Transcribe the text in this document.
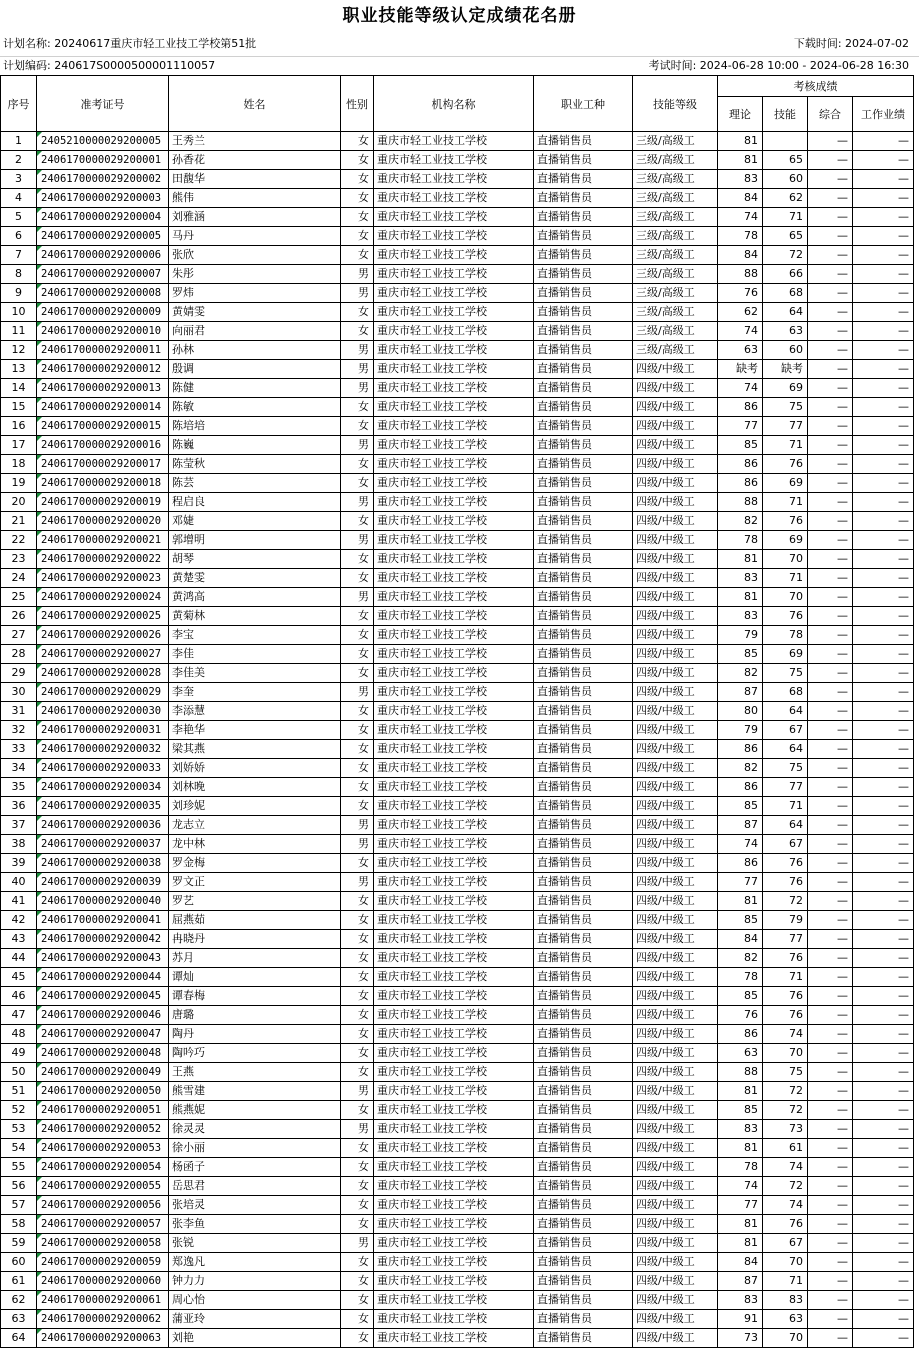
职业技能等级认定成绩花名册
计划名称: 20240617重庆市轻工业技工学校第51批	下载时间: 2024-07-02
计划编码: 240617S0000500001110057	考试时间: 2024-06-28 10:00 - 2024-06-28 16:30
序号	准考证号	姓名	性别	机构名称	职业工种	技能等级	考核成绩			
							理论	技能	综合	工作业绩
1	2405210000029200005	王秀兰	女	重庆市轻工业技工学校	直播销售员	三级/高级工	81		—	—
2	2406170000029200001	孙香花	女	重庆市轻工业技工学校	直播销售员	三级/高级工	81	65	—	—
3	2406170000029200002	田馥华	女	重庆市轻工业技工学校	直播销售员	三级/高级工	83	60	—	—
4	2406170000029200003	熊伟	女	重庆市轻工业技工学校	直播销售员	三级/高级工	84	62	—	—
5	2406170000029200004	刘雅涵	女	重庆市轻工业技工学校	直播销售员	三级/高级工	74	71	—	—
6	2406170000029200005	马丹	女	重庆市轻工业技工学校	直播销售员	三级/高级工	78	65	—	—
7	2406170000029200006	张欣	女	重庆市轻工业技工学校	直播销售员	三级/高级工	84	72	—	—
8	2406170000029200007	朱彤	男	重庆市轻工业技工学校	直播销售员	三级/高级工	88	66	—	—
9	2406170000029200008	罗炜	男	重庆市轻工业技工学校	直播销售员	三级/高级工	76	68	—	—
10	2406170000029200009	黄婧雯	女	重庆市轻工业技工学校	直播销售员	三级/高级工	62	64	—	—
11	2406170000029200010	向丽君	女	重庆市轻工业技工学校	直播销售员	三级/高级工	74	63	—	—
12	2406170000029200011	孙林	男	重庆市轻工业技工学校	直播销售员	三级/高级工	63	60	—	—
13	2406170000029200012	殷调	男	重庆市轻工业技工学校	直播销售员	四级/中级工	缺考	缺考	—	—
14	2406170000029200013	陈健	男	重庆市轻工业技工学校	直播销售员	四级/中级工	74	69	—	—
15	2406170000029200014	陈敏	女	重庆市轻工业技工学校	直播销售员	四级/中级工	86	75	—	—
16	2406170000029200015	陈培培	女	重庆市轻工业技工学校	直播销售员	四级/中级工	77	77	—	—
17	2406170000029200016	陈巍	男	重庆市轻工业技工学校	直播销售员	四级/中级工	85	71	—	—
18	2406170000029200017	陈莹秋	女	重庆市轻工业技工学校	直播销售员	四级/中级工	86	76	—	—
19	2406170000029200018	陈芸	女	重庆市轻工业技工学校	直播销售员	四级/中级工	86	69	—	—
20	2406170000029200019	程启良	男	重庆市轻工业技工学校	直播销售员	四级/中级工	88	71	—	—
21	2406170000029200020	邓婕	女	重庆市轻工业技工学校	直播销售员	四级/中级工	82	76	—	—
22	2406170000029200021	郭增明	男	重庆市轻工业技工学校	直播销售员	四级/中级工	78	69	—	—
23	2406170000029200022	胡琴	女	重庆市轻工业技工学校	直播销售员	四级/中级工	81	70	—	—
24	2406170000029200023	黄楚雯	女	重庆市轻工业技工学校	直播销售员	四级/中级工	83	71	—	—
25	2406170000029200024	黄鸿高	男	重庆市轻工业技工学校	直播销售员	四级/中级工	81	70	—	—
26	2406170000029200025	黄菊林	女	重庆市轻工业技工学校	直播销售员	四级/中级工	83	76	—	—
27	2406170000029200026	李宝	女	重庆市轻工业技工学校	直播销售员	四级/中级工	79	78	—	—
28	2406170000029200027	李佳	女	重庆市轻工业技工学校	直播销售员	四级/中级工	85	69	—	—
29	2406170000029200028	李佳美	女	重庆市轻工业技工学校	直播销售员	四级/中级工	82	75	—	—
30	2406170000029200029	李奎	男	重庆市轻工业技工学校	直播销售员	四级/中级工	87	68	—	—
31	2406170000029200030	李添慧	女	重庆市轻工业技工学校	直播销售员	四级/中级工	80	64	—	—
32	2406170000029200031	李艳华	女	重庆市轻工业技工学校	直播销售员	四级/中级工	79	67	—	—
33	2406170000029200032	梁其燕	女	重庆市轻工业技工学校	直播销售员	四级/中级工	86	64	—	—
34	2406170000029200033	刘娇娇	女	重庆市轻工业技工学校	直播销售员	四级/中级工	82	75	—	—
35	2406170000029200034	刘林晚	女	重庆市轻工业技工学校	直播销售员	四级/中级工	86	77	—	—
36	2406170000029200035	刘珍妮	女	重庆市轻工业技工学校	直播销售员	四级/中级工	85	71	—	—
37	2406170000029200036	龙志立	男	重庆市轻工业技工学校	直播销售员	四级/中级工	87	64	—	—
38	2406170000029200037	龙中林	男	重庆市轻工业技工学校	直播销售员	四级/中级工	74	67	—	—
39	2406170000029200038	罗金梅	女	重庆市轻工业技工学校	直播销售员	四级/中级工	86	76	—	—
40	2406170000029200039	罗文正	男	重庆市轻工业技工学校	直播销售员	四级/中级工	77	76	—	—
41	2406170000029200040	罗艺	女	重庆市轻工业技工学校	直播销售员	四级/中级工	81	72	—	—
42	2406170000029200041	屈燕茹	女	重庆市轻工业技工学校	直播销售员	四级/中级工	85	79	—	—
43	2406170000029200042	冉晓丹	女	重庆市轻工业技工学校	直播销售员	四级/中级工	84	77	—	—
44	2406170000029200043	苏月	女	重庆市轻工业技工学校	直播销售员	四级/中级工	82	76	—	—
45	2406170000029200044	谭灿	女	重庆市轻工业技工学校	直播销售员	四级/中级工	78	71	—	—
46	2406170000029200045	谭春梅	女	重庆市轻工业技工学校	直播销售员	四级/中级工	85	76	—	—
47	2406170000029200046	唐璐	女	重庆市轻工业技工学校	直播销售员	四级/中级工	76	76	—	—
48	2406170000029200047	陶丹	女	重庆市轻工业技工学校	直播销售员	四级/中级工	86	74	—	—
49	2406170000029200048	陶吟巧	女	重庆市轻工业技工学校	直播销售员	四级/中级工	63	70	—	—
50	2406170000029200049	王燕	女	重庆市轻工业技工学校	直播销售员	四级/中级工	88	75	—	—
51	2406170000029200050	熊雪建	男	重庆市轻工业技工学校	直播销售员	四级/中级工	81	72	—	—
52	2406170000029200051	熊燕妮	女	重庆市轻工业技工学校	直播销售员	四级/中级工	85	72	—	—
53	2406170000029200052	徐灵灵	男	重庆市轻工业技工学校	直播销售员	四级/中级工	83	73	—	—
54	2406170000029200053	徐小丽	女	重庆市轻工业技工学校	直播销售员	四级/中级工	81	61	—	—
55	2406170000029200054	杨函子	女	重庆市轻工业技工学校	直播销售员	四级/中级工	78	74	—	—
56	2406170000029200055	岳思君	女	重庆市轻工业技工学校	直播销售员	四级/中级工	74	72	—	—
57	2406170000029200056	张培灵	女	重庆市轻工业技工学校	直播销售员	四级/中级工	77	74	—	—
58	2406170000029200057	张李鱼	女	重庆市轻工业技工学校	直播销售员	四级/中级工	81	76	—	—
59	2406170000029200058	张锐	男	重庆市轻工业技工学校	直播销售员	四级/中级工	81	67	—	—
60	2406170000029200059	郑逸凡	女	重庆市轻工业技工学校	直播销售员	四级/中级工	84	70	—	—
61	2406170000029200060	钟力力	女	重庆市轻工业技工学校	直播销售员	四级/中级工	87	71	—	—
62	2406170000029200061	周心怡	女	重庆市轻工业技工学校	直播销售员	四级/中级工	83	83	—	—
63	2406170000029200062	蒲亚玲	女	重庆市轻工业技工学校	直播销售员	四级/中级工	91	63	—	—
64	2406170000029200063	刘艳	女	重庆市轻工业技工学校	直播销售员	四级/中级工	73	70	—	—
